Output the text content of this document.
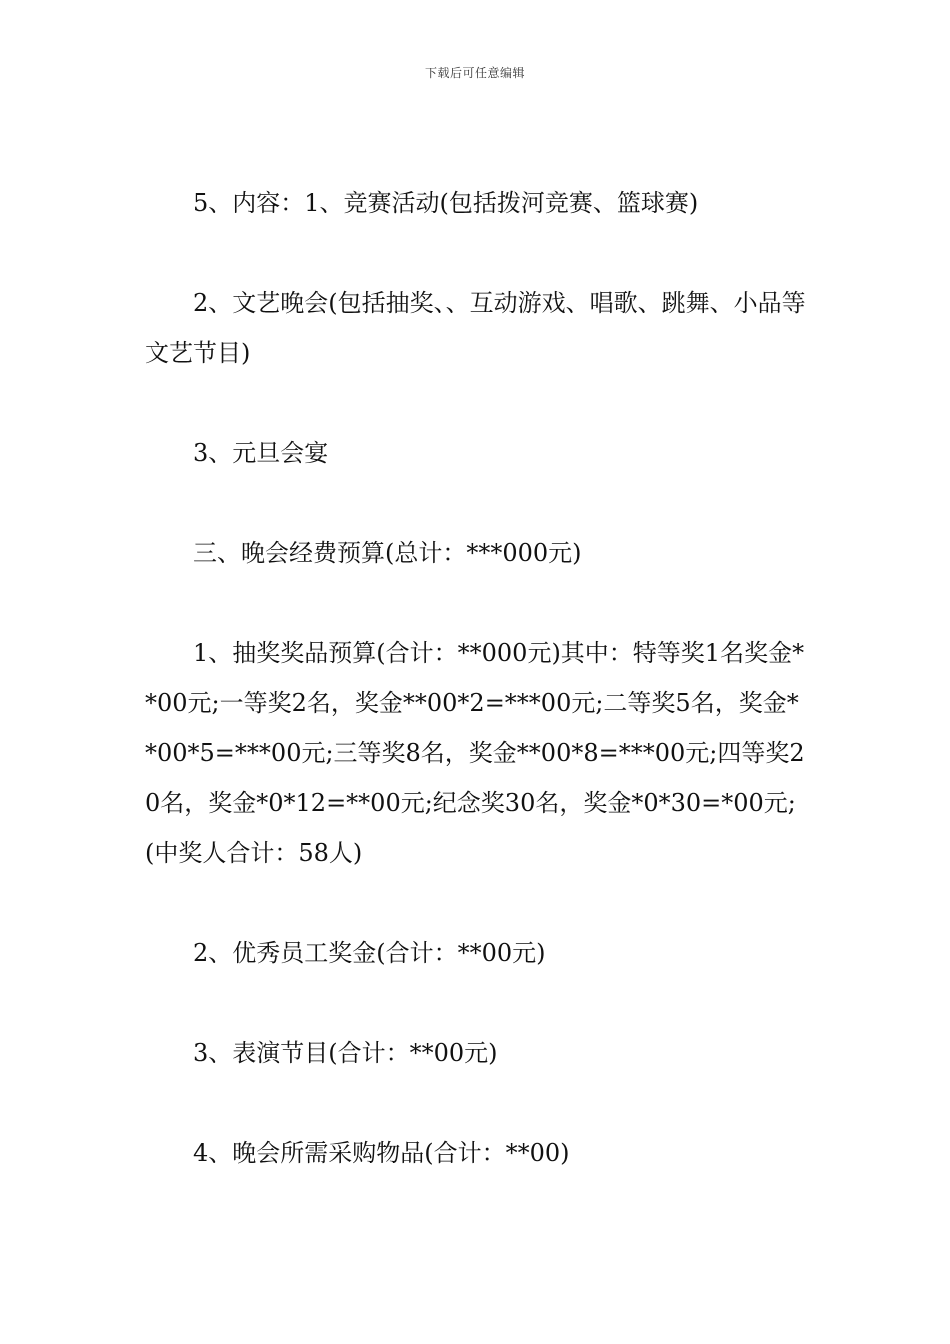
下载后可任意编辑

5、内容：1、竞赛活动(包括拨河竞赛、篮球赛)

2、文艺晚会(包括抽奖、、互动游戏、唱歌、跳舞、小品等文艺节目)

3、元旦会宴

三、晚会经费预算(总计：***000元)

1、抽奖奖品预算(合计：**000元)其中：特等奖1名奖金**00元;一等奖2名，奖金**00*2=***00元;二等奖5名，奖金**00*5=***00元;三等奖8名，奖金**00*8=***00元;四等奖20名，奖金*0*12=**00元;纪念奖30名，奖金*0*30=*00元;(中奖人合计：58人)

2、优秀员工奖金(合计：**00元)

3、表演节目(合计：**00元)

4、晚会所需采购物品(合计：**00)
